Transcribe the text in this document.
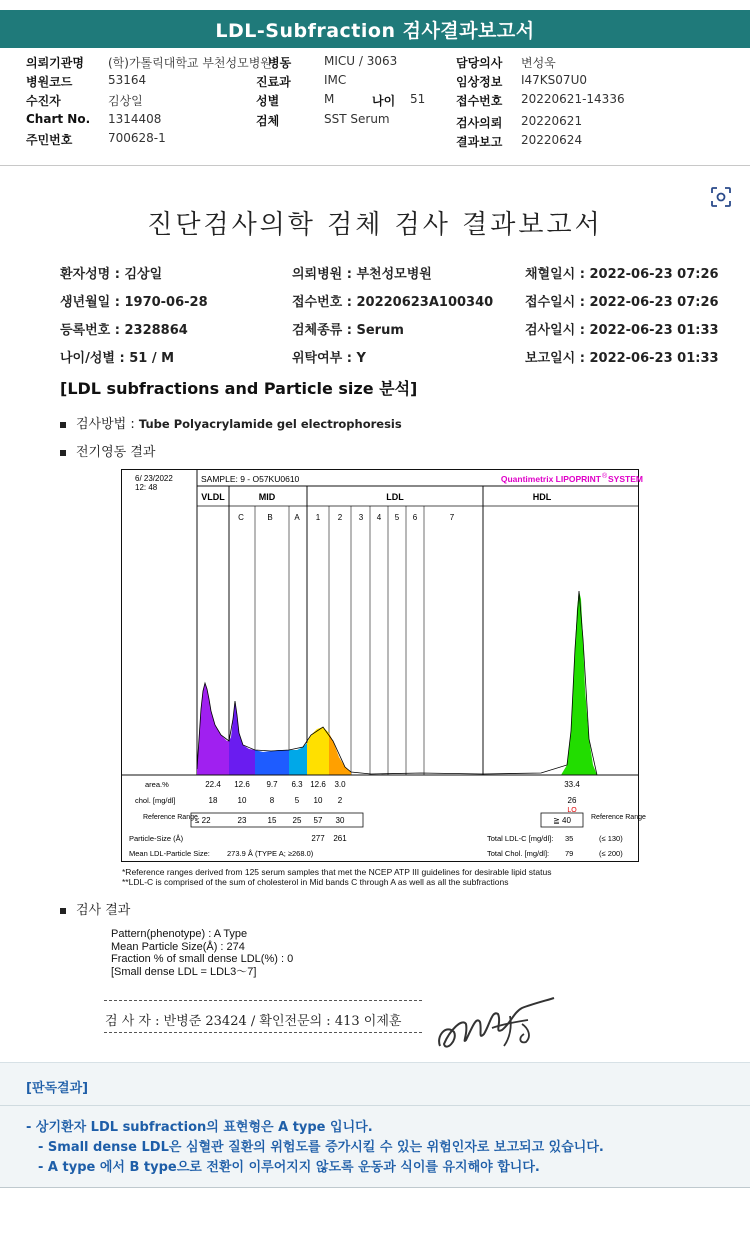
LDL-Subfraction 검사결과보고서
의뢰기관명 (학)가톨릭대학교 부천성모병원
병원코드	53164
수진자	김상일
Chart No. 1314408
주민번호	700628-1
병동	MICU / 3063
진료과	IMC
성별	M	나이 51
검체	SST Serum
담당의사 변성욱
임상정보 I47KS07U0
접수번호 20220621-14336
검사의뢰 20220621
결과보고 20220624
진단검사의학 검체 검사 결과보고서
환자성명 : 김상일	의뢰병원 : 부천성모병원	채혈일시 : 2022-06-23 07:26
생년월일 : 1970-06-28	접수번호 : 20220623A100340 접수일시 : 2022-06-23 07:26
등록번호 : 2328864	검체종류 : Serum	검사일시 : 2022-06-23 01:33
나이/성별 : 51 / M	위탁여부 : Y	보고일시 : 2022-06-23 01:33
[LDL subfractions and Particle size 분석]
검사방법 : Tube Polyacrylamide gel electrophoresis
전기영동 결과
6/ 23/2022
12: 48
SAMPLE: 9 - O57KU0610	Quantimetrix LIPOPRINT ® SYSTEM
VLDL	MID	LDL	HDL
C	B	A 1 2 3 4 5 6	7
area.%	22.4 12.6 9.7 6.3 12.6 3.0	33.4
chol. [mg/dl]	18	10	8	5 10 2	26
LO
Reference Range
≤ 22	23	15 25 57 30	≧ 40	Reference Range
Particle-Size (Å)	277 261	Total LDL-C [mg/dl]: 35	(≤ 130)
Mean LDL-Particle Size: 273.9 Å (TYPE A; ≥268.0)	Total Chol. [mg/dl]: 79	(≤ 200)
*Reference ranges derived from 125 serum samples that met the NCEP ATP III guidelines for desirable lipid status
**LDL-C is comprised of the sum of cholesterol in Mid bands C through A as well as all the subfractions
검사 결과
Pattern(phenotype) : A Type
Mean Particle Size(Å) : 274
Fraction % of small dense LDL(%) : 0
[Small dense LDL = LDL3～7]
검 사 자 : 반병준 23424 / 확인전문의 : 413 이제훈
[판독결과]
- 상기환자 LDL subfraction의 표현형은 A type 입니다.
- Small dense LDL은 심혈관 질환의 위험도를 증가시킬 수 있는 위험인자로 보고되고 있습니다.
- A type 에서 B type으로 전환이 이루어지지 않도록 운동과 식이를 유지해야 합니다.
